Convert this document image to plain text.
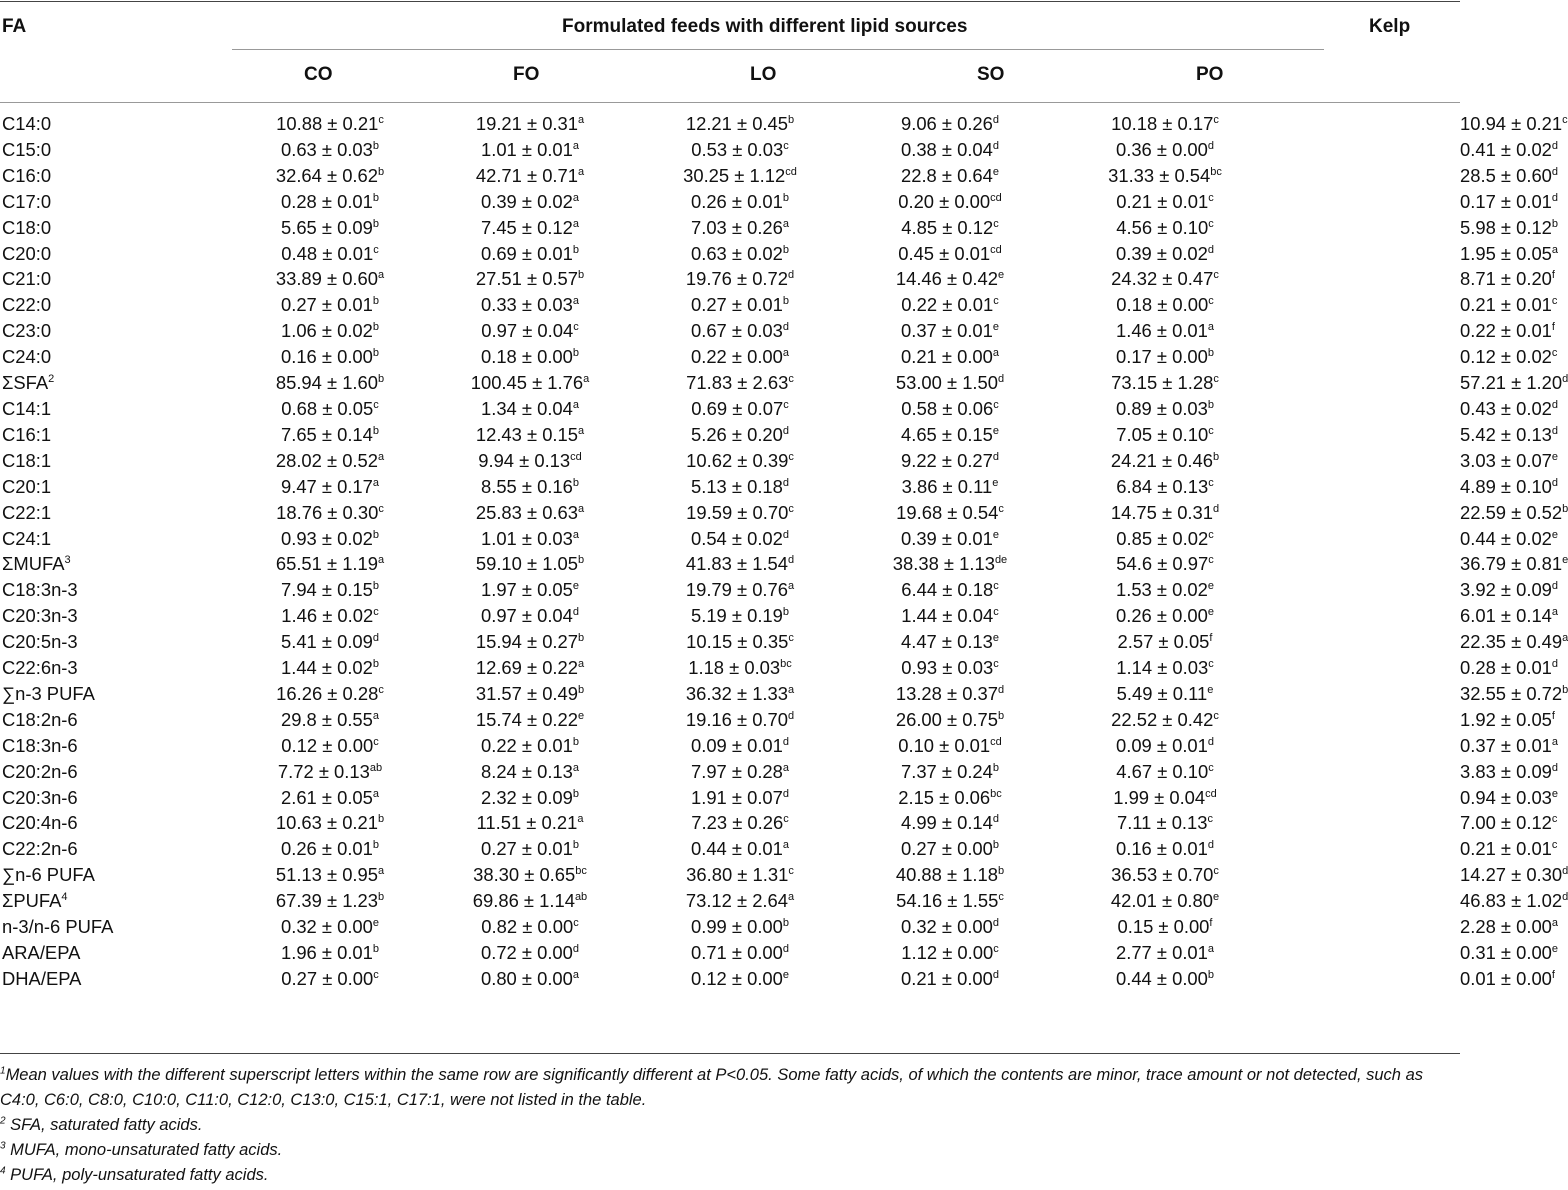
FA	Formulated feeds with different lipid sources	Kelp
CO	FO	LO	SO	PO
C14:0	10.88 ± 0.21$^c$	19.21 ± 0.31$^a$	12.21 ± 0.45$^b$	9.06 ± 0.26$^d$	10.18 ± 0.17$^c$		10.94 ± 0.21$^c$
C15:0	0.63 ± 0.03$^b$	1.01 ± 0.01$^a$	0.53 ± 0.03$^c$	0.38 ± 0.04$^d$	0.36 ± 0.00$^d$		0.41 ± 0.02$^d$
C16:0	32.64 ± 0.62$^b$	42.71 ± 0.71$^a$	30.25 ± 1.12$^{cd}$	22.8 ± 0.64$^e$	31.33 ± 0.54$^{bc}$		28.5 ± 0.60$^d$
C17:0	0.28 ± 0.01$^b$	0.39 ± 0.02$^a$	0.26 ± 0.01$^b$	0.20 ± 0.00$^{cd}$	0.21 ± 0.01$^c$		0.17 ± 0.01$^d$
C18:0	5.65 ± 0.09$^b$	7.45 ± 0.12$^a$	7.03 ± 0.26$^a$	4.85 ± 0.12$^c$	4.56 ± 0.10$^c$		5.98 ± 0.12$^b$
C20:0	0.48 ± 0.01$^c$	0.69 ± 0.01$^b$	0.63 ± 0.02$^b$	0.45 ± 0.01$^{cd}$	0.39 ± 0.02$^d$		1.95 ± 0.05$^a$
C21:0	33.89 ± 0.60$^a$	27.51 ± 0.57$^b$	19.76 ± 0.72$^d$	14.46 ± 0.42$^e$	24.32 ± 0.47$^c$		8.71 ± 0.20$^f$
C22:0	0.27 ± 0.01$^b$	0.33 ± 0.03$^a$	0.27 ± 0.01$^b$	0.22 ± 0.01$^c$	0.18 ± 0.00$^c$		0.21 ± 0.01$^c$
C23:0	1.06 ± 0.02$^b$	0.97 ± 0.04$^c$	0.67 ± 0.03$^d$	0.37 ± 0.01$^e$	1.46 ± 0.01$^a$		0.22 ± 0.01$^f$
C24:0	0.16 ± 0.00$^b$	0.18 ± 0.00$^b$	0.22 ± 0.00$^a$	0.21 ± 0.00$^a$	0.17 ± 0.00$^b$		0.12 ± 0.02$^c$
ΣSFA$^2$	85.94 ± 1.60$^b$	100.45 ± 1.76$^a$	71.83 ± 2.63$^c$	53.00 ± 1.50$^d$	73.15 ± 1.28$^c$		57.21 ± 1.20$^d$
C14:1	0.68 ± 0.05$^c$	1.34 ± 0.04$^a$	0.69 ± 0.07$^c$	0.58 ± 0.06$^c$	0.89 ± 0.03$^b$		0.43 ± 0.02$^d$
C16:1	7.65 ± 0.14$^b$	12.43 ± 0.15$^a$	5.26 ± 0.20$^d$	4.65 ± 0.15$^e$	7.05 ± 0.10$^c$		5.42 ± 0.13$^d$
C18:1	28.02 ± 0.52$^a$	9.94 ± 0.13$^{cd}$	10.62 ± 0.39$^c$	9.22 ± 0.27$^d$	24.21 ± 0.46$^b$		3.03 ± 0.07$^e$
C20:1	9.47 ± 0.17$^a$	8.55 ± 0.16$^b$	5.13 ± 0.18$^d$	3.86 ± 0.11$^e$	6.84 ± 0.13$^c$		4.89 ± 0.10$^d$
C22:1	18.76 ± 0.30$^c$	25.83 ± 0.63$^a$	19.59 ± 0.70$^c$	19.68 ± 0.54$^c$	14.75 ± 0.31$^d$		22.59 ± 0.52$^b$
C24:1	0.93 ± 0.02$^b$	1.01 ± 0.03$^a$	0.54 ± 0.02$^d$	0.39 ± 0.01$^e$	0.85 ± 0.02$^c$		0.44 ± 0.02$^e$
ΣMUFA$^3$	65.51 ± 1.19$^a$	59.10 ± 1.05$^b$	41.83 ± 1.54$^d$	38.38 ± 1.13de	54.6 ± 0.97$^c$		36.79 ± 0.81$^e$
C18:3n-3	7.94 ± 0.15$^b$	1.97 ± 0.05$^e$	19.79 ± 0.76$^a$	6.44 ± 0.18$^c$	1.53 ± 0.02$^e$		3.92 ± 0.09$^d$
C20:3n-3	1.46 ± 0.02$^c$	0.97 ± 0.04$^d$	5.19 ± 0.19$^b$	1.44 ± 0.04$^c$	0.26 ± 0.00$^e$		6.01 ± 0.14$^a$
C20:5n-3	5.41 ± 0.09$^d$	15.94 ± 0.27$^b$	10.15 ± 0.35$^c$	4.47 ± 0.13$^e$	2.57 ± 0.05$^f$		22.35 ± 0.49$^a$
C22:6n-3	1.44 ± 0.02$^b$	12.69 ± 0.22$^a$	1.18 ± 0.03$^{bc}$	0.93 ± 0.03$^c$	1.14 ± 0.03$^c$		0.28 ± 0.01$^d$
∑n-3 PUFA	16.26 ± 0.28$^c$	31.57 ± 0.49$^b$	36.32 ± 1.33$^a$	13.28 ± 0.37$^d$	5.49 ± 0.11$^e$		32.55 ± 0.72$^b$
C18:2n-6	29.8 ± 0.55$^a$	15.74 ± 0.22$^e$	19.16 ± 0.70$^d$	26.00 ± 0.75$^b$	22.52 ± 0.42$^c$		1.92 ± 0.05$^f$
C18:3n-6	0.12 ± 0.00$^c$	0.22 ± 0.01$^b$	0.09 ± 0.01$^d$	0.10 ± 0.01$^{cd}$	0.09 ± 0.01$^d$		0.37 ± 0.01$^a$
C20:2n-6	7.72 ± 0.13$^{ab}$	8.24 ± 0.13$^a$	7.97 ± 0.28$^a$	7.37 ± 0.24$^b$	4.67 ± 0.10$^c$		3.83 ± 0.09$^d$
C20:3n-6	2.61 ± 0.05$^a$	2.32 ± 0.09$^b$	1.91 ± 0.07$^d$	2.15 ± 0.06$^{bc}$	1.99 ± 0.04$^{cd}$		0.94 ± 0.03$^e$
C20:4n-6	10.63 ± 0.21$^b$	11.51 ± 0.21$^a$	7.23 ± 0.26$^c$	4.99 ± 0.14$^d$	7.11 ± 0.13$^c$		7.00 ± 0.12$^c$
C22:2n-6	0.26 ± 0.01$^b$	0.27 ± 0.01$^b$	0.44 ± 0.01$^a$	0.27 ± 0.00$^b$	0.16 ± 0.01$^d$		0.21 ± 0.01$^c$
∑n-6 PUFA	51.13 ± 0.95$^a$	38.30 ± 0.65$^{bc}$	36.80 ± 1.31$^c$	40.88 ± 1.18$^b$	36.53 ± 0.70$^c$		14.27 ± 0.30$^d$
ΣPUFA$^4$	67.39 ± 1.23$^b$	69.86 ± 1.14$^{ab}$	73.12 ± 2.64$^a$	54.16 ± 1.55$^c$	42.01 ± 0.80$^e$		46.83 ± 1.02$^d$
n-3/n-6 PUFA	0.32 ± 0.00$^e$	0.82 ± 0.00$^c$	0.99 ± 0.00$^b$	0.32 ± 0.00$^d$	0.15 ± 0.00$^f$		2.28 ± 0.00$^a$
ARA/EPA	1.96 ± 0.01$^b$	0.72 ± 0.00$^d$	0.71 ± 0.00$^d$	1.12 ± 0.00$^c$	2.77 ± 0.01$^a$		0.31 ± 0.00$^e$
DHA/EPA	0.27 ± 0.00$^c$	0.80 ± 0.00$^a$	0.12 ± 0.00$^e$	0.21 ± 0.00$^d$	0.44 ± 0.00$^b$		0.01 ± 0.00$^f$

$^1$Mean values with the different superscript letters within the same row are significantly different at P<0.05. Some fatty acids, of which the contents are minor, trace amount or not detected, such as C4:0, C6:0, C8:0, C10:0, C11:0, C12:0, C13:0, C15:1, C17:1, were not listed in the table.

$^2$ SFA, saturated fatty acids.

$^3$ MUFA, mono-unsaturated fatty acids.

$^4$ PUFA, poly-unsaturated fatty acids.
